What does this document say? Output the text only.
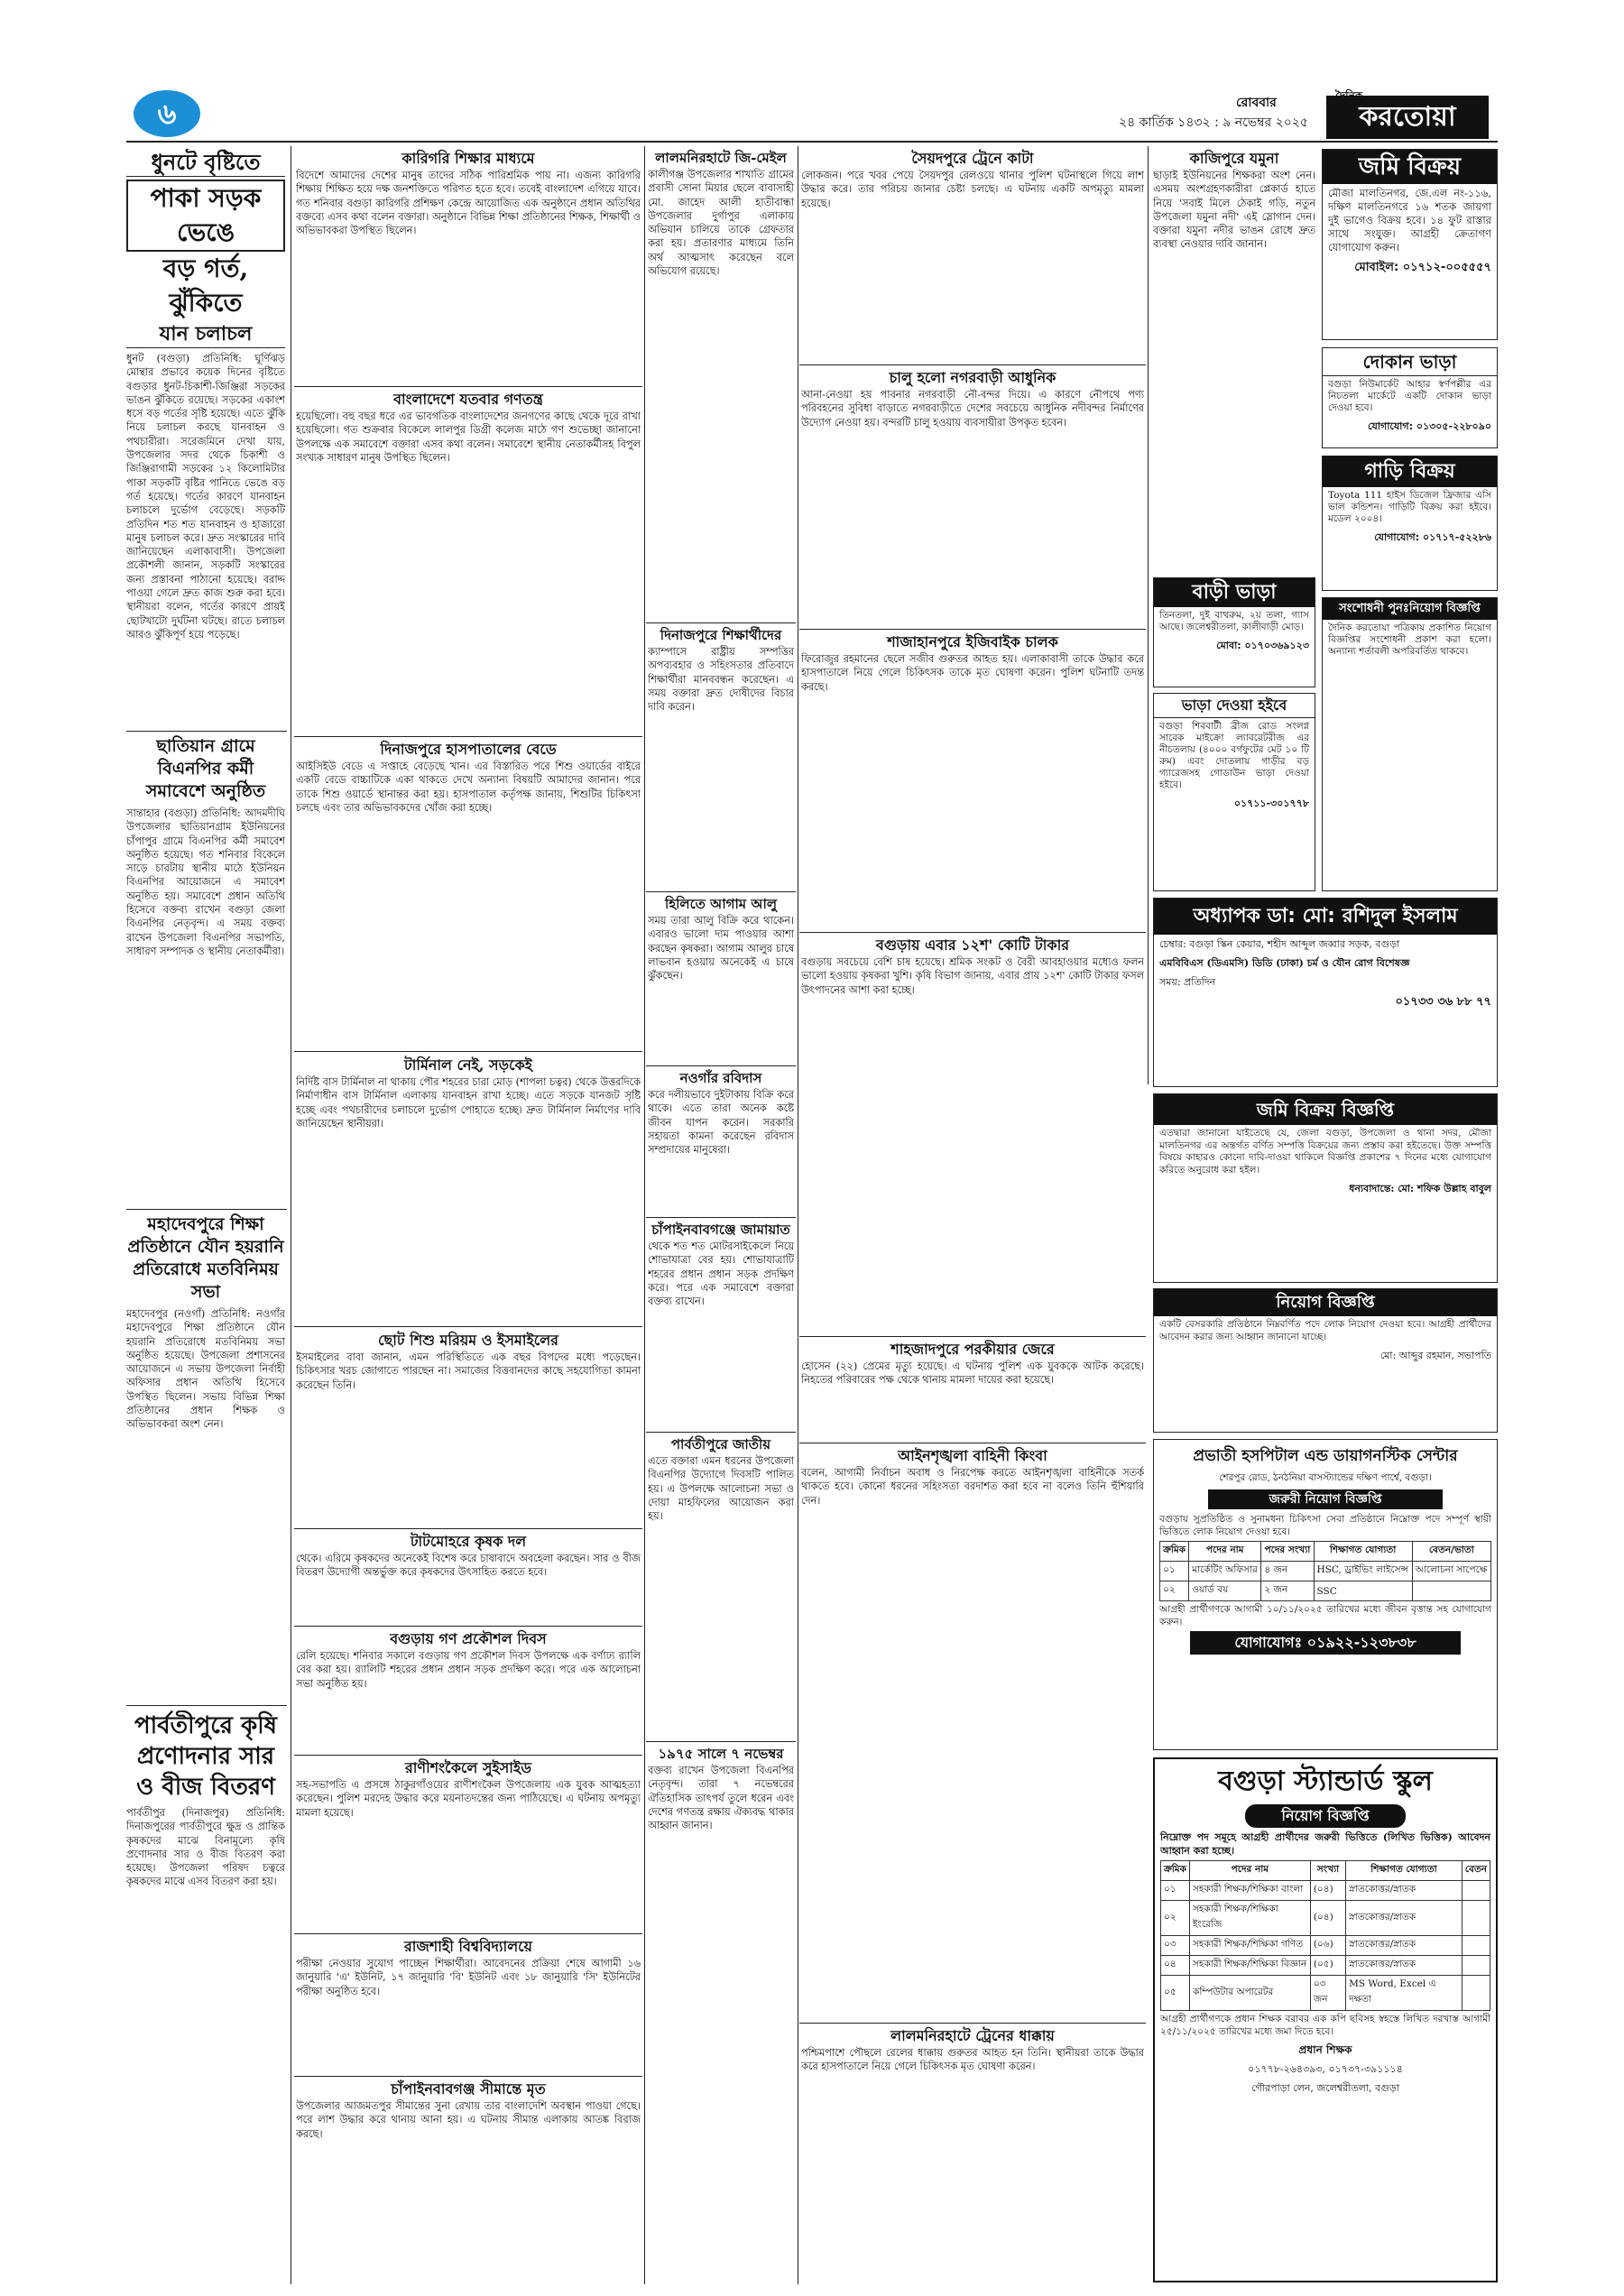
৬	রোববার
২৪ কার্তিক ১৪৩২ : ৯ নভেম্বর ২০২৫	করতোয়া
ধুনটে বৃষ্টিতে
পাকা সড়ক ভেঙে
বড় গর্ত, ঝুঁকিতে
যান চলাচল

ধুনট (বগুড়া) প্রতিনিধি: ঘূর্ণিঝড় মোন্থার প্রভাবে কয়েক দিনের বৃষ্টিতে বগুড়ার ধুনট-চিকাশী-জিঞ্জিরা সড়কের ভাঙন ঝুঁকিতে রয়েছে। সড়কের একাংশ ধসে বড় গর্তের সৃষ্টি হয়েছে। এতে ঝুঁকি নিয়ে চলাচল করছে যানবাহন ও পথচারীরা। সরেজমিনে দেখা যায়, উপজেলার সদর থেকে চিকাশী ও জিঞ্জিরাগামী সড়কের ১২ কিলোমিটার পাকা সড়কটি বৃষ্টির পানিতে ভেঙে বড় গর্ত হয়েছে। গর্তের কারণে যানবাহন চলাচলে দুর্ভোগ বেড়েছে। সড়কটি প্রতিদিন শত শত যানবাহন ও হাজারো মানুষ চলাচল করে। দ্রুত সংস্কারের দাবি জানিয়েছেন এলাকাবাসী। উপজেলা প্রকৌশলী জানান, সড়কটি সংস্কারের জন্য প্রস্তাবনা পাঠানো হয়েছে। বরাদ্দ পাওয়া গেলে দ্রুত কাজ শুরু করা হবে। স্থানীয়রা বলেন, গর্তের কারণে প্রায়ই ছোটখাটো দুর্ঘটনা ঘটছে। রাতে চলাচল আরও ঝুঁকিপূর্ণ হয়ে পড়েছে।

ছাতিয়ান গ্রামে বিএনপির কর্মী সমাবেশে অনুষ্ঠিত

সান্তাহার (বগুড়া) প্রতিনিধি: আদমদীঘি উপজেলার ছাতিয়ানগ্রাম ইউনিয়নের চাঁপাপুর গ্রামে বিএনপির কর্মী সমাবেশ অনুষ্ঠিত হয়েছে। গত শনিবার বিকেলে সাড়ে চারটায় স্থানীয় মাঠে ইউনিয়ন বিএনপির আয়োজনে এ সমাবেশ অনুষ্ঠিত হয়। সমাবেশে প্রধান অতিথি হিসেবে বক্তব্য রাখেন বগুড়া জেলা বিএনপির নেতৃবৃন্দ। এ সময় বক্তব্য রাখেন উপজেলা বিএনপির সভাপতি, সাধারণ সম্পাদক ও স্থানীয় নেতাকর্মীরা।

মহাদেবপুরে শিক্ষা প্রতিষ্ঠানে যৌন হয়রানি প্রতিরোধে মতবিনিময় সভা

মহাদেবপুর (নওগাঁ) প্রতিনিধি: নওগাঁর মহাদেবপুরে শিক্ষা প্রতিষ্ঠানে যৌন হয়রানি প্রতিরোধে মতবিনিময় সভা অনুষ্ঠিত হয়েছে। উপজেলা প্রশাসনের আয়োজনে এ সভায় উপজেলা নির্বাহী অফিসার প্রধান অতিথি হিসেবে উপস্থিত ছিলেন। সভায় বিভিন্ন শিক্ষা প্রতিষ্ঠানের প্রধান শিক্ষক ও অভিভাবকরা অংশ নেন।

পার্বতীপুরে কৃষি প্রণোদনার সার ও বীজ বিতরণ

পার্বতীপুর (দিনাজপুর) প্রতিনিধি: দিনাজপুরের পার্বতীপুরে ক্ষুদ্র ও প্রান্তিক কৃষকদের মাঝে বিনামূল্যে কৃষি প্রণোদনার সার ও বীজ বিতরণ করা হয়েছে। উপজেলা পরিষদ চত্বরে কৃষকদের মাঝে এসব বিতরণ করা হয়।

কারিগরি শিক্ষার মাধ্যমে

বিদেশে আমাদের দেশের মানুষ তাদের সঠিক পারিশ্রমিক পায় না। এজন্য কারিগরি শিক্ষায় শিক্ষিত হয়ে দক্ষ জনশক্তিতে পরিণত হতে হবে। তবেই বাংলাদেশ এগিয়ে যাবে। গত শনিবার বগুড়া কারিগরি প্রশিক্ষণ কেন্দ্রে আয়োজিত এক অনুষ্ঠানে প্রধান অতিথির বক্তব্যে এসব কথা বলেন বক্তারা। অনুষ্ঠানে বিভিন্ন শিক্ষা প্রতিষ্ঠানের শিক্ষক, শিক্ষার্থী ও অভিভাবকরা উপস্থিত ছিলেন।

বাংলাদেশে যতবার গণতন্ত্র

হয়েছিলো। বহু বছর ধরে এর ভাবগতিক বাংলাদেশের জনগণের কাছে থেকে দূরে রাখা হয়েছিলো। গত শুক্রবার বিকেলে লালপুর ডিগ্রী কলেজ মাঠে গণ শুভেচ্ছা জানানো উপলক্ষে এক সমাবেশে বক্তারা এসব কথা বলেন। সমাবেশে স্থানীয় নেতাকর্মীসহ বিপুল সংখ্যক সাধারণ মানুষ উপস্থিত ছিলেন।

দিনাজপুরে হাসপাতালের বেডে

আইসিইউ বেডে এ সপ্তাহে বেড়েছে খান। এর বিস্তারিত পরে শিশু ওয়ার্ডের বাইরে একটি বেডে বাচ্চাটিকে একা থাকতে দেখে অন্যান্য বিষয়টি আমাদের জানান। পরে তাকে শিশু ওয়ার্ডে স্থানান্তর করা হয়। হাসপাতাল কর্তৃপক্ষ জানায়, শিশুটির চিকিৎসা চলছে এবং তার অভিভাবকদের খোঁজ করা হচ্ছে।

টার্মিনাল নেই, সড়কেই

নির্দিষ্ট বাস টার্মিনাল না থাকায় পৌর শহরের চারা মোড় (শাপলা চত্বর) থেকে উত্তরদিকে নির্মাণাধীন বাস টার্মিনাল এলাকায় যানবাহন রাখা হচ্ছে। এতে সড়কে যানজট সৃষ্টি হচ্ছে এবং পথচারীদের চলাচলে দুর্ভোগ পোহাতে হচ্ছে। দ্রুত টার্মিনাল নির্মাণের দাবি জানিয়েছেন স্থানীয়রা।

ছোট শিশু মরিয়ম ও ইসমাইলের

ইসমাইলের বাবা জানান, এমন পরিস্থিতিতে এক বছর বিপদের মধ্যে পড়েছেন। চিকিৎসার খরচ জোগাতে পারছেন না। সমাজের বিত্তবানদের কাছে সহযোগিতা কামনা করেছেন তিনি।

টাটমোহরে কৃষক দল

থেকে। এরিমে কৃষকদের অনেকেই বিশেষ করে চাষাবাদে অবহেলা করছেন। সার ও বীজ বিতরণ উদ্যোগী অন্তর্ভুক্ত করে কৃষকদের উৎসাহিত করতে হবে।

বগুড়ায় গণ প্রকৌশল দিবস

রেলি হয়েছে। শনিবার সকালে বগুড়ায় গণ প্রকৌশল দিবস উপলক্ষে এক বর্ণাঢ্য র‍্যালি বের করা হয়। র‍্যালিটি শহরের প্রধান প্রধান সড়ক প্রদক্ষিণ করে। পরে এক আলোচনা সভা অনুষ্ঠিত হয়।

রাণীশংকৈলে সুইসাইড

সহ-সভাপতি এ প্রসঙ্গে ঠাকুরগাঁওয়ের রাণীশংকৈল উপজেলায় এক যুবক আত্মহত্যা করেছেন। পুলিশ মরদেহ উদ্ধার করে ময়নাতদন্তের জন্য পাঠিয়েছে। এ ঘটনায় অপমৃত্যু মামলা হয়েছে।

রাজশাহী বিশ্ববিদ্যালয়ে

পরীক্ষা নেওয়ার সুযোগ পাচ্ছেন শিক্ষার্থীরা। আবেদনের প্রক্রিয়া শেষে আগামী ১৬ জানুয়ারি 'এ' ইউনিট, ১৭ জানুয়ারি 'বি' ইউনিট এবং ১৮ জানুয়ারি 'সি' ইউনিটের পরীক্ষা অনুষ্ঠিত হবে।

চাঁপাইনবাবগঞ্জ সীমান্তে মৃত

উপজেলার আজমতপুর সীমান্তের সুনা রেখায় তার বাংলাদেশি অবস্থান পাওয়া গেছে। পরে লাশ উদ্ধার করে থানায় আনা হয়। এ ঘটনায় সীমান্ত এলাকায় আতঙ্ক বিরাজ করছে।

লালমনিরহাটে জি-মেইল

কালীগঞ্জ উপজেলার শাখাতি গ্রামের প্রবাসী সোনা মিয়ার ছেলে বাবাসাহী মো. জাহেদ আলী হাতীবান্ধা উপজেলার দুর্গাপুর এলাকায় অভিযান চালিয়ে তাকে গ্রেফতার করা হয়। প্রতারণার মাধ্যমে তিনি অর্থ আত্মসাৎ করেছেন বলে অভিযোগ রয়েছে।

দিনাজপুরে শিক্ষার্থীদের

ক্যাম্পাসে রাষ্ট্রীয় সম্পত্তির অপব্যবহার ও সহিংসতার প্রতিবাদে শিক্ষার্থীরা মানববন্ধন করেছেন। এ সময় বক্তারা দ্রুত দোষীদের বিচার দাবি করেন।

হিলিতে আগাম আলু

সময় তারা আলু বিক্রি করে থাকেন। এবারও ভালো দাম পাওয়ার আশা করছেন কৃষকরা। আগাম আলুর চাষে লাভবান হওয়ায় অনেকেই এ চাষে ঝুঁকছেন।

নওগাঁর রবিদাস

করে দলীয়ভাবে দুইটাকায় বিক্রি করে থাকে। এতে তারা অনেক কষ্টে জীবন যাপন করেন। সরকারি সহায়তা কামনা করেছেন রবিদাস সম্প্রদায়ের মানুষেরা।

চাঁপাইনবাবগঞ্জে জামায়াত

থেকে শত শত মোটরসাইকেলে নিয়ে শোভাযাত্রা বের হয়। শোভাযাত্রাটি শহরের প্রধান প্রধান সড়ক প্রদক্ষিণ করে। পরে এক সমাবেশে বক্তারা বক্তব্য রাখেন।

পার্বতীপুরে জাতীয়

এতে বক্তারা এমন ধরনের উপজেলা বিএনপির উদ্যোগে দিবসটি পালিত হয়। এ উপলক্ষে আলোচনা সভা ও দোয়া মাহফিলের আয়োজন করা হয়।

১৯৭৫ সালে ৭ নভেম্বর

বক্তব্য রাখেন উপজেলা বিএনপির নেতৃবৃন্দ। তারা ৭ নভেম্বরের ঐতিহাসিক তাৎপর্য তুলে ধরেন এবং দেশের গণতন্ত্র রক্ষায় ঐক্যবদ্ধ থাকার আহ্বান জানান।

সৈয়দপুরে ট্রেনে কাটা

লোকজন। পরে খবর পেয়ে সৈয়দপুর রেলওয়ে থানার পুলিশ ঘটনাস্থলে গিয়ে লাশ উদ্ধার করে। তার পরিচয় জানার চেষ্টা চলছে। এ ঘটনায় একটি অপমৃত্যু মামলা হয়েছে।

চালু হলো নগরবাড়ী আধুনিক

আনা-নেওয়া হয় পাবনার নগরবাড়ী নৌ-বন্দর দিয়ে। এ কারণে নৌপথে পণ্য পরিবহনের সুবিধা বাড়াতে নগরবাড়ীতে দেশের সবচেয়ে আধুনিক নদীবন্দর নির্মাণের উদ্যোগ নেওয়া হয়। বন্দরটি চালু হওয়ায় ব্যবসায়ীরা উপকৃত হবেন।

শাজাহানপুরে ইজিবাইক চালক

ফিরোজুর রহমানের ছেলে সজীব গুরুতর আহত হয়। এলাকাবাসী তাকে উদ্ধার করে হাসপাতালে নিয়ে গেলে চিকিৎসক তাকে মৃত ঘোষণা করেন। পুলিশ ঘটনাটি তদন্ত করছে।

বগুড়ায় এবার ১২শ' কোটি টাকার

বগুড়ায় সবচেয়ে বেশি চাষ হয়েছে। শ্রমিক সংকট ও বৈরী আবহাওয়ার মধ্যেও ফলন ভালো হওয়ায় কৃষকরা খুশি। কৃষি বিভাগ জানায়, এবার প্রায় ১২শ' কোটি টাকার ফসল উৎপাদনের আশা করা হচ্ছে।

শাহজাদপুরে পরকীয়ার জেরে

হোসেন (২২) প্রেমের মৃত্যু হয়েছে। এ ঘটনায় পুলিশ এক যুবককে আটক করেছে। নিহতের পরিবারের পক্ষ থেকে থানায় মামলা দায়ের করা হয়েছে।

আইনশৃঙ্খলা বাহিনী কিংবা

বলেন, আগামী নির্বাচন অবাধ ও নিরপেক্ষ করতে আইনশৃঙ্খলা বাহিনীকে সতর্ক থাকতে হবে। কোনো ধরনের সহিংসতা বরদাশত করা হবে না বলেও তিনি হুঁশিয়ারি দেন।

লালমনিরহাটে ট্রেনের ধাক্কায়

পশ্চিমপাশে পৌছলে রেলের ধাক্কায় গুরুতর আহত হন তিনি। স্থানীয়রা তাকে উদ্ধার করে হাসপাতালে নিয়ে গেলে চিকিৎসক মৃত ঘোষণা করেন।

কাজিপুরে যমুনা

ছাড়াই ইউনিয়নের শিক্ষকরা অংশ নেন। এসময় অংশগ্রহণকারীরা প্লেকার্ড হাতে নিয়ে 'সবাই মিলে ঠেকাই গড়ি, নতুন উপজেলা যমুনা নদী' এই স্লোগান দেন। বক্তারা যমুনা নদীর ভাঙন রোধে দ্রুত ব্যবস্থা নেওয়ার দাবি জানান।

জমি বিক্রয়
মৌজা মালতিনগর, জে.এল নং-১১৬, দক্ষিণ মালতিনগরে ১৬ শতক জায়গা দুই ভাগেও বিক্রয় হবে। ১৪ ফুট রাস্তার সাথে সংযুক্ত। আগ্রহী ক্রেতাগণ যোগাযোগ করুন।
মোবাইল: ০১৭১২-০০৫৫৫৭
দোকান ভাড়া
বগুড়া নিউমার্কেট আহার স্বর্ণপল্লীর এর নিচতলা মার্কেটে একটি দোকান ভাড়া দেওয়া হবে।
যোগাযোগ: ০১৩০৫-২২৮০৯০
বাড়ী ভাড়া
তিনতলা, দুই বাথরুম, ২য় তলা, গ্যাস আছে। জলেশ্বরীতলা, কালীবাড়ী মোড়।
মোবা: ০১৭০৩৬৯১২৩
গাড়ি বিক্রয়
Toyota 111 হাইস ডিজেল ফ্রিজার এসি ভাল কন্ডিশন। গাড়িটি বিক্রয় করা হইবে। মডেল ২০০৪।
যোগাযোগ: ০১৭১৭-৫২২৮৬
ভাড়া দেওয়া হইবে
বগুড়া শিববাটী ব্রীজ রোড সংলগ্ন সাবেক মাইক্রো ল্যাবরেটরীজ এর নীচতলায় (৪০০০ বর্গফুটের মেট ১০ টি রুম) এবং দোতলায় গাড়ীর বড় গ্যারেজসহ গোডাউন ভাড়া দেওয়া হইবে।
০১৭১১-৩০১৭৭৮
সংশোধনী পুনঃনিয়োগ বিজ্ঞপ্তি
দৈনিক করতোয়া পত্রিকায় প্রকাশিত নিয়োগ বিজ্ঞপ্তির সংশোধনী প্রকাশ করা হলো। অন্যান্য শর্তাবলী অপরিবর্তিত থাকবে।
অধ্যাপক ডা: মো: রশিদুল ইসলাম
চেম্বার: বগুড়া স্কিন কেয়ার, শহীদ আব্দুল জব্বার সড়ক, বগুড়া
এমবিবিএস (ডিএমসি) ডিডি (ঢাকা) চর্ম ও যৌন রোগ বিশেষজ্ঞ
সময়: প্রতিদিন
০১৭৩৩ ৩৬ ৮৮ ৭৭
জমি বিক্রয় বিজ্ঞপ্তি
এতদ্বারা জানানো যাইতেছে যে, জেলা বগুড়া, উপজেলা ও থানা সদর, মৌজা মালতিনগর এর অন্তর্গত বর্ণিত সম্পত্তি বিক্রয়ের জন্য প্রস্তাব করা হইতেছে। উক্ত সম্পত্তি বিষয়ে কাহারও কোনো দাবি-দাওয়া থাকিলে বিজ্ঞপ্তি প্রকাশের ৭ দিনের মধ্যে যোগাযোগ করিতে অনুরোধ করা হইল।
ধন্যবাদান্তে: মো: শফিক উল্লাহ বাবুল
নিয়োগ বিজ্ঞপ্তি
একটি বেসরকারি প্রতিষ্ঠানে নিম্নবর্ণিত পদে লোক নিয়োগ দেওয়া হবে। আগ্রহী প্রার্থীদের আবেদন করার জন্য আহ্বান জানানো যাচ্ছে।
মো: আব্দুর রহমান, সভাপতি
প্রভাতী হসপিটাল এন্ড ডায়াগনস্টিক সেন্টার
শেরপুর রোড, ঠনঠনিয়া বাসস্ট্যান্ডের দক্ষিণ পার্শ্বে, বগুড়া।
জরুরী নিয়োগ বিজ্ঞপ্তি
বগুড়ায় সুপ্রতিষ্ঠিত ও সুনামধন্য চিকিৎসা সেবা প্রতিষ্ঠানে নিম্নোক্ত পদে সম্পূর্ণ স্থায়ী ভিত্তিতে লোক নিয়োগ দেওয়া হবে।
ক্রমিক	পদের নাম	পদের সংখ্যা	শিক্ষাগত যোগ্যতা	বেতন/ভাতা
০১	মার্কেটিং অফিসার	৪ জন	HSC, ড্রাইভিং লাইসেন্স	আলোচনা সাপেক্ষে
০২	ওয়ার্ড বয়	২ জন	SSC	
আগ্রহী প্রার্থীগণকে আগামী ১০/১১/২০২৫ তারিখের মধ্যে জীবন বৃত্তান্ত সহ যোগাযোগ করুন।
যোগাযোগঃ ০১৯২২-১২৩৮৩৮
বগুড়া স্ট্যান্ডার্ড স্কুল
নিয়োগ বিজ্ঞপ্তি
নিম্নোক্ত পদ সমূহে আগ্রহী প্রার্থীদের জরুরী ভিত্তিতে (লিখিত ভিত্তিক) আবেদন আহ্বান করা হচ্ছে।
ক্রমিক	পদের নাম	সংখ্যা	শিক্ষাগত যোগ্যতা	বেতন
০১	সহকারী শিক্ষক/শিক্ষিকা বাংলা	(০৪)	স্নাতকোত্তর/স্নাতক	
০২	সহকারী শিক্ষক/শিক্ষিকা ইংরেজি	(০৪)	স্নাতকোত্তর/স্নাতক	
০৩	সহকারী শিক্ষক/শিক্ষিকা গণিত	(০৬)	স্নাতকোত্তর/স্নাতক	
০৪	সহকারী শিক্ষক/শিক্ষিকা বিজ্ঞান	(০৫)	স্নাতকোত্তর/স্নাতক	
০৫	কম্পিউটার অপারেটর	০৩ জন	MS Word, Excel এ দক্ষতা	
আগ্রহী প্রার্থীগণকে প্রধান শিক্ষক বরাবর এক কপি ছবিসহ স্বহস্তে লিখিত দরখাস্ত আগামী ২৫/১১/২০২৫ তারিখের মধ্যে জমা দিতে হবে।
প্রধান শিক্ষক
০১৭৭৮-২৬৪৩৯৩, ০১৭৩৭-৩৯১১১৪
গৌরপাড়া লেন, জলেশ্বরীতলা, বগুড়া
